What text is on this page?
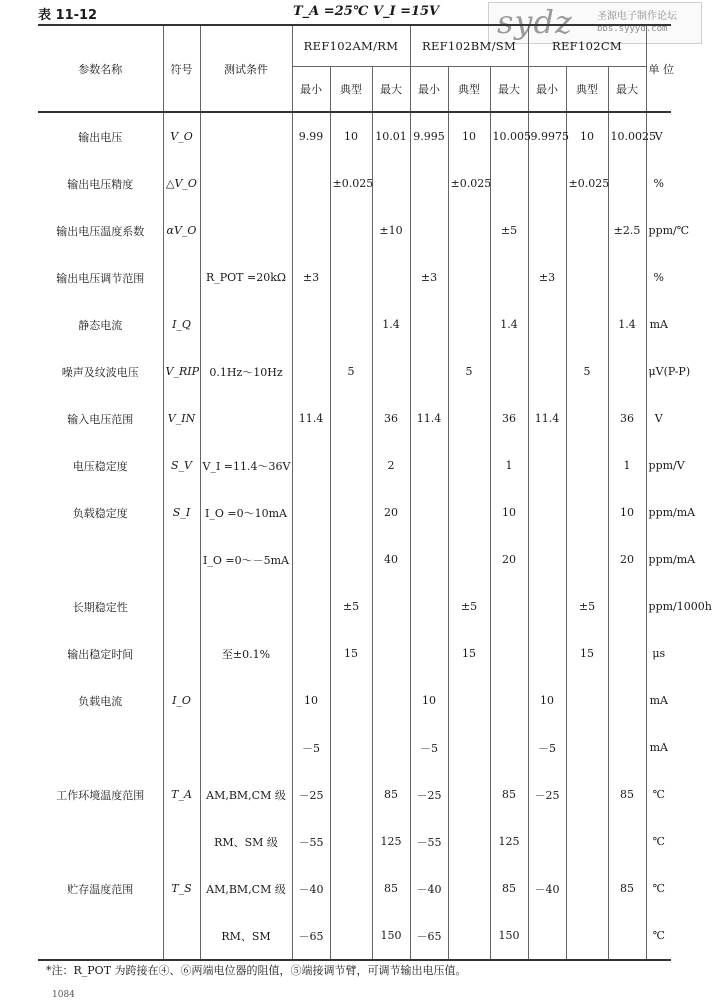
表 11-12	T_A =25℃ V_I =15V sydz 圣源电子制作论坛
bbs.syyyd.com
参数名称	符号	测试条件	REF102AM/RM			REF102BM/SM			REF102CM			单 位
			最小	典型	最大	最小	典型	最大	最小	典型	最大	
输出电压	V_O		9.99	10	10.01	9.995	10	10.005	9.9975	10	10.0025	V
输出电压精度	△V_O			±0.025			±0.025			±0.025		%
输出电压温度系数	αV_O				±10			±5			±2.5	ppm/℃
输出电压调节范围		R_POT =20kΩ	±3			±3			±3			%
静态电流	I_Q				1.4			1.4			1.4	mA
噪声及纹波电压	V_RIP	0.1Hz～10Hz		5			5			5		μV(P-P)
输入电压范围	V_IN		11.4		36	11.4		36	11.4		36	V
电压稳定度	S_V	V_I =11.4～36V			2			1			1	ppm/V
负载稳定度	S_I	I_O =0～10mA			20			10			10	ppm/mA
		I_O =0～－5mA			40			20			20	ppm/mA
长期稳定性				±5			±5			±5		ppm/1000h
输出稳定时间		至±0.1%		15			15			15		μs
负载电流	I_O		10			10			10			mA
			－5			－5			－5			mA
工作环境温度范围	T_A	AM,BM,CM 级	－25		85	－25		85	－25		85	℃
		RM、SM 级	－55		125	－55		125				℃
贮存温度范围	T_S	AM,BM,CM 级	－40		85	－40		85	－40		85	℃
		RM、SM	－65		150	－65		150				℃
*注：R_POT 为跨接在④、⑥两端电位器的阻值，⑤端接调节臂，可调节输出电压值。
1084
